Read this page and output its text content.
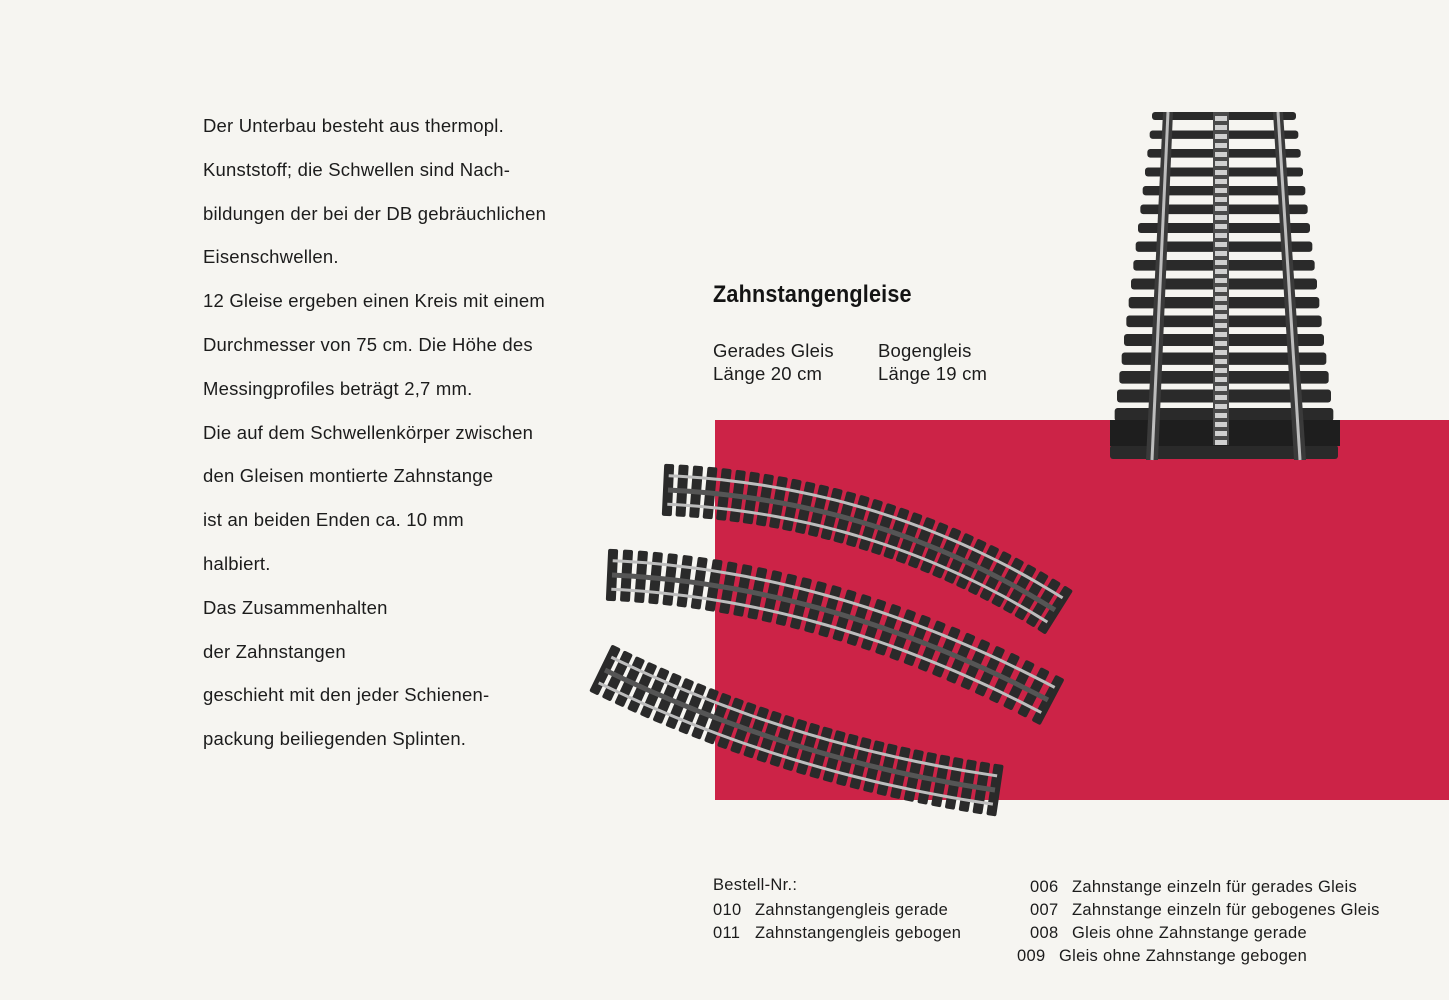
Der Unterbau besteht aus thermopl.
Kunststoff; die Schwellen sind Nach-
bildungen der bei der DB gebräuchlichen
Eisenschwellen.
12 Gleise ergeben einen Kreis mit einem
Durchmesser von 75 cm. Die Höhe des
Messingprofiles beträgt 2,7 mm.
Die auf dem Schwellenkörper zwischen
den Gleisen montierte Zahnstange
ist an beiden Enden ca. 10 mm
halbiert.
Das Zusammenhalten
der Zahnstangen
geschieht mit den jeder Schienen-
packung beiliegenden Splinten.
Zahnstangengleise
Gerades Gleis
Länge 20 cm
Bogengleis
Länge 19 cm
Bestell-Nr.:
010 Zahnstangengleis gerade
011 Zahnstangengleis gebogen
006 Zahnstange einzeln für gerades Gleis
007 Zahnstange einzeln für gebogenes Gleis
008 Gleis ohne Zahnstange gerade
009 Gleis ohne Zahnstange gebogen
